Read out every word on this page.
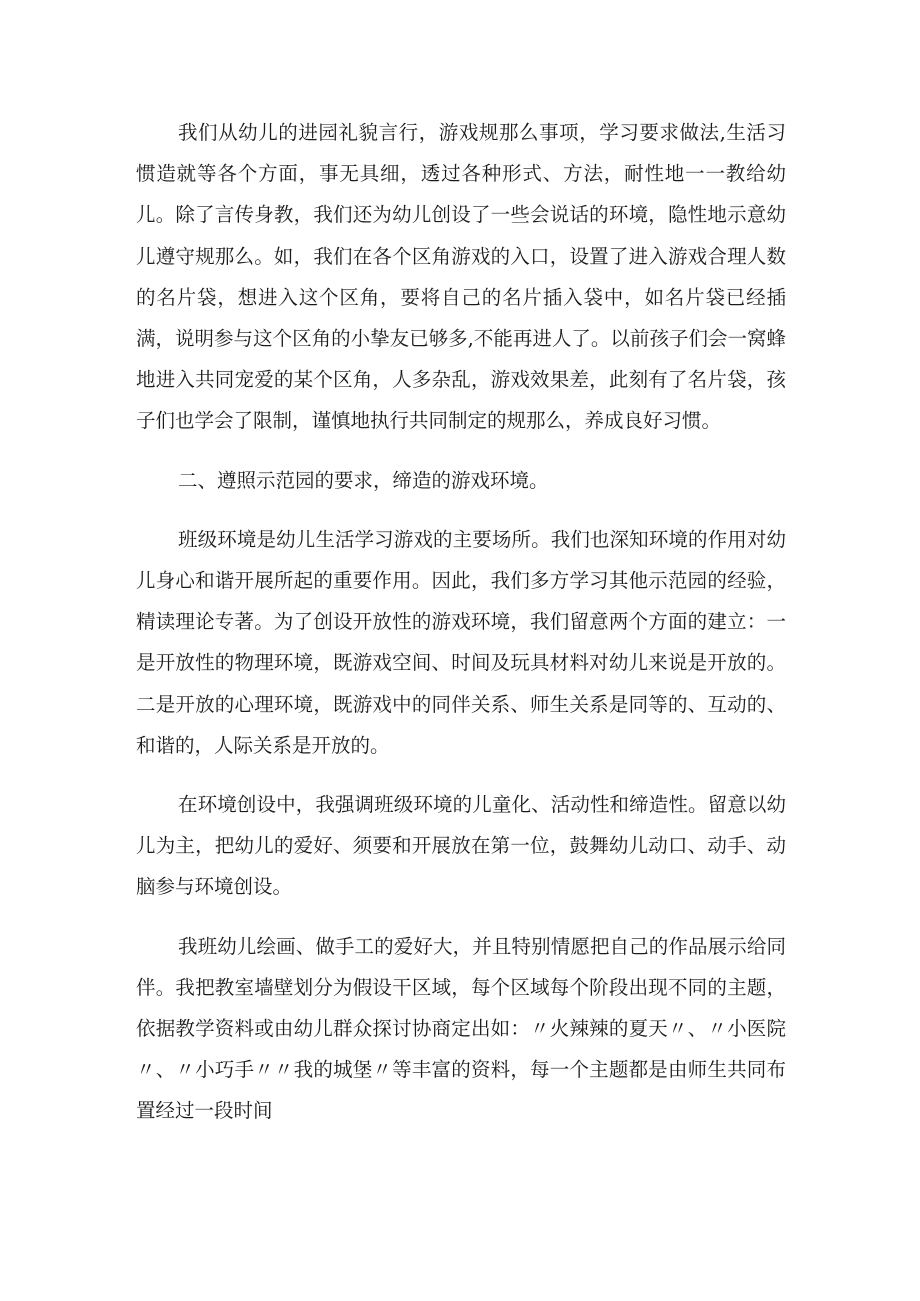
我们从幼儿的进园礼貌言行，游戏规那么事项，学习要求做法,生活习惯造就等各个方面，事无具细，透过各种形式、方法，耐性地一一教给幼儿。除了言传身教，我们还为幼儿创设了一些会说话的环境，隐性地示意幼儿遵守规那么。如，我们在各个区角游戏的入口，设置了进入游戏合理人数的名片袋，想进入这个区角，要将自己的名片插入袋中，如名片袋已经插满，说明参与这个区角的小挚友已够多,不能再进人了。以前孩子们会一窝蜂地进入共同宠爱的某个区角，人多杂乱，游戏效果差，此刻有了名片袋，孩子们也学会了限制，谨慎地执行共同制定的规那么，养成良好习惯。

二、遵照示范园的要求，缔造的游戏环境。

班级环境是幼儿生活学习游戏的主要场所。我们也深知环境的作用对幼儿身心和谐开展所起的重要作用。因此，我们多方学习其他示范园的经验，精读理论专著。为了创设开放性的游戏环境，我们留意两个方面的建立：一是开放性的物理环境，既游戏空间、时间及玩具材料对幼儿来说是开放的。二是开放的心理环境，既游戏中的同伴关系、师生关系是同等的、互动的、和谐的，人际关系是开放的。

在环境创设中，我强调班级环境的儿童化、活动性和缔造性。留意以幼儿为主，把幼儿的爱好、须要和开展放在第一位，鼓舞幼儿动口、动手、动脑参与环境创设。

我班幼儿绘画、做手工的爱好大，并且特别情愿把自己的作品展示给同伴。我把教室墙壁划分为假设干区域，每个区域每个阶段出现不同的主题，依据教学资料或由幼儿群众探讨协商定出如：〃火辣辣的夏天〃、〃小医院〃、〃小巧手〃〃我的城堡〃等丰富的资料，每一个主题都是由师生共同布置经过一段时间
